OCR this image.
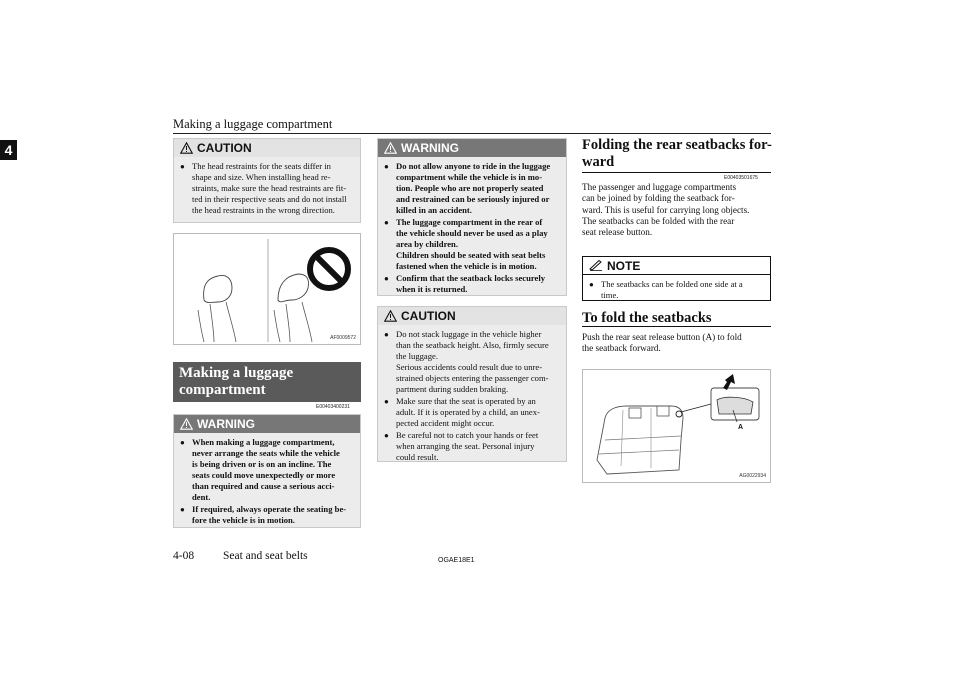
Making a luggage compartment
4	CAUTION
● The head restraints for the seats differ in
shape and size. When installing head re-
straints, make sure the head restraints are fit-
ted in their respective seats and do not install
the head restraints in the wrong direction.
AF0009572
Making a luggage
compartment
E00403400231
WARNING
● When making a luggage compartment,
never arrange the seats while the vehicle
is being driven or is on an incline. The
seats could move unexpectedly or more
than required and cause a serious acci-
dent.
● If required, always operate the seating be-
fore the vehicle is in motion.
WARNING
● Do not allow anyone to ride in the luggage
compartment while the vehicle is in mo-
tion. People who are not properly seated
and restrained can be seriously injured or
killed in an accident.
● The luggage compartment in the rear of
the vehicle should never be used as a play
area by children.
Children should be seated with seat belts
fastened when the vehicle is in motion.
● Confirm that the seatback locks securely
when it is returned.
CAUTION
● Do not stack luggage in the vehicle higher
than the seatback height. Also, firmly secure
the luggage.
Serious accidents could result due to unre-
strained objects entering the passenger com-
partment during sudden braking.
● Make sure that the seat is operated by an
adult. If it is operated by a child, an unex-
pected accident might occur.
● Be careful not to catch your hands or feet
when arranging the seat. Personal injury
could result.
Folding the rear seatbacks for-
ward
E00403501675
The passenger and luggage compartments
can be joined by folding the seatback for-
ward. This is useful for carrying long objects.
The seatbacks can be folded with the rear
seat release button.
NOTE
● The seatbacks can be folded one side at a
time.
To fold the seatbacks
Push the rear seat release button (A) to fold
the seatback forward.
A
AG0022934
4-08	Seat and seat belts	OGAE18E1
